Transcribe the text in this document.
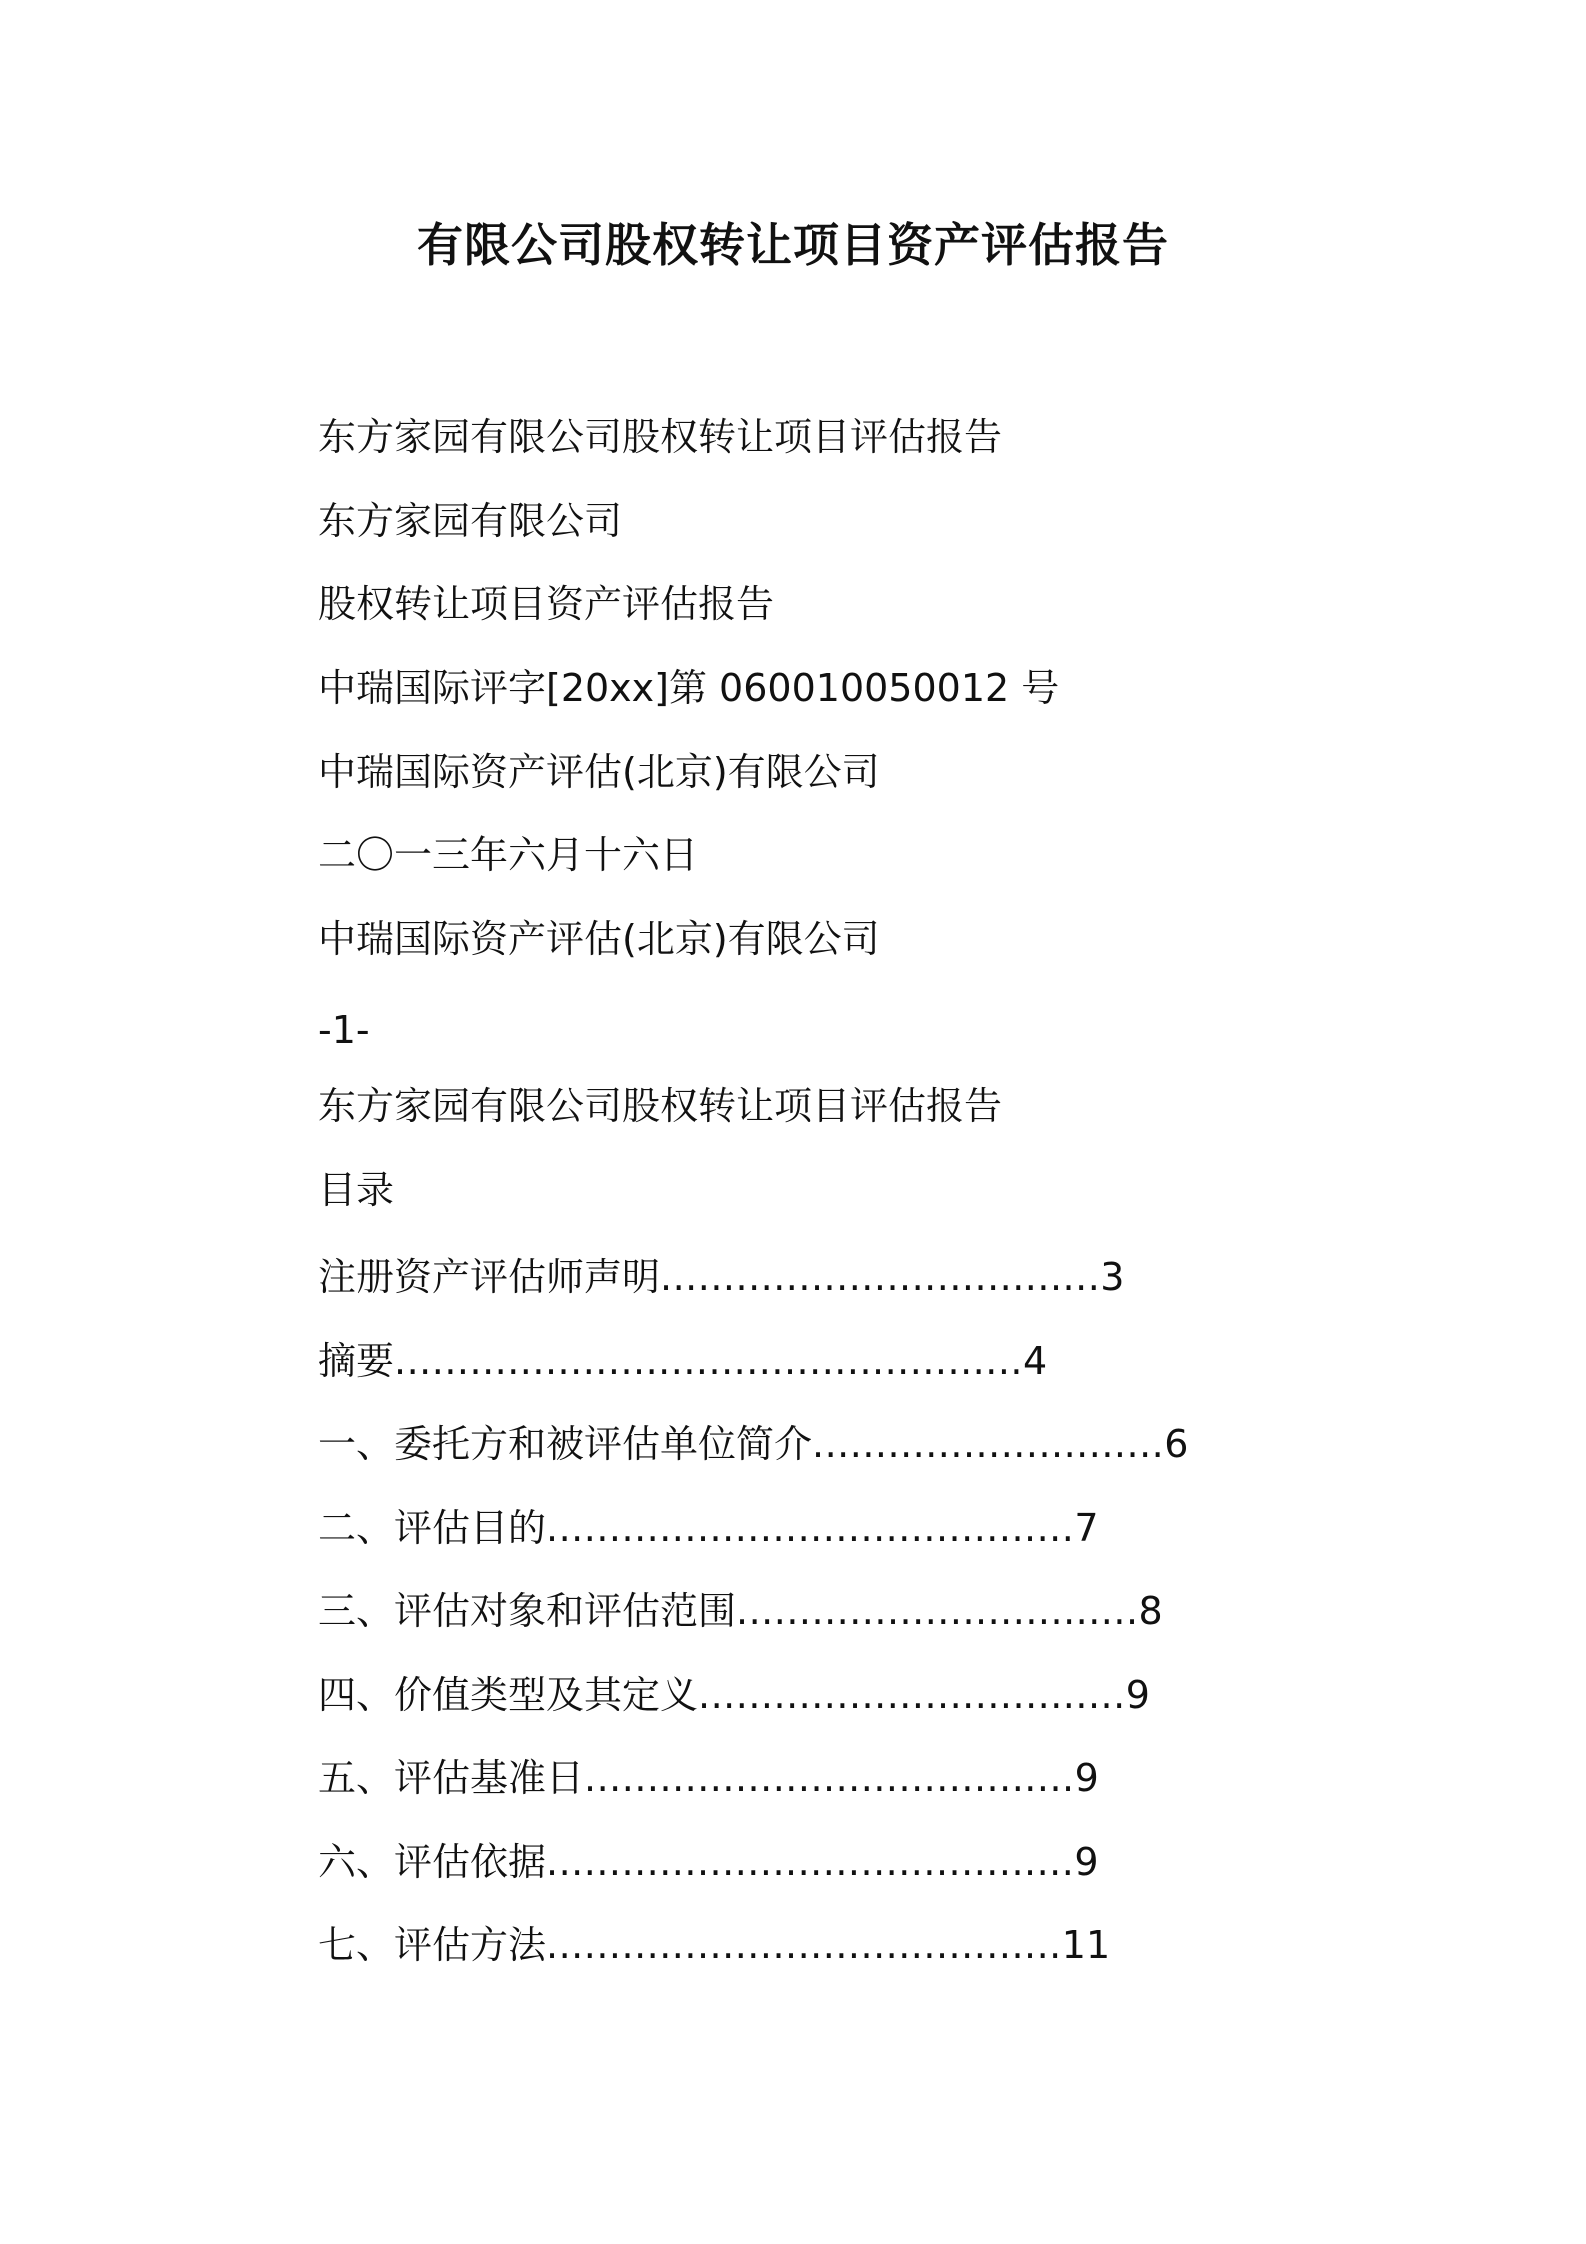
有限公司股权转让项目资产评估报告

东方家园有限公司股权转让项目评估报告

东方家园有限公司

股权转让项目资产评估报告

中瑞国际评字[20xx]第 060010050012 号

中瑞国际资产评估(北京)有限公司

二〇一三年六月十六日

中瑞国际资产评估(北京)有限公司

-1-

东方家园有限公司股权转让项目评估报告

目录

注册资产评估师声明...................................3

摘要..................................................4

一、委托方和被评估单位简介............................6

二、评估目的..........................................7

三、评估对象和评估范围................................8

四、价值类型及其定义..................................9

五、评估基准日.......................................9

六、评估依据..........................................9

七、评估方法.........................................11
